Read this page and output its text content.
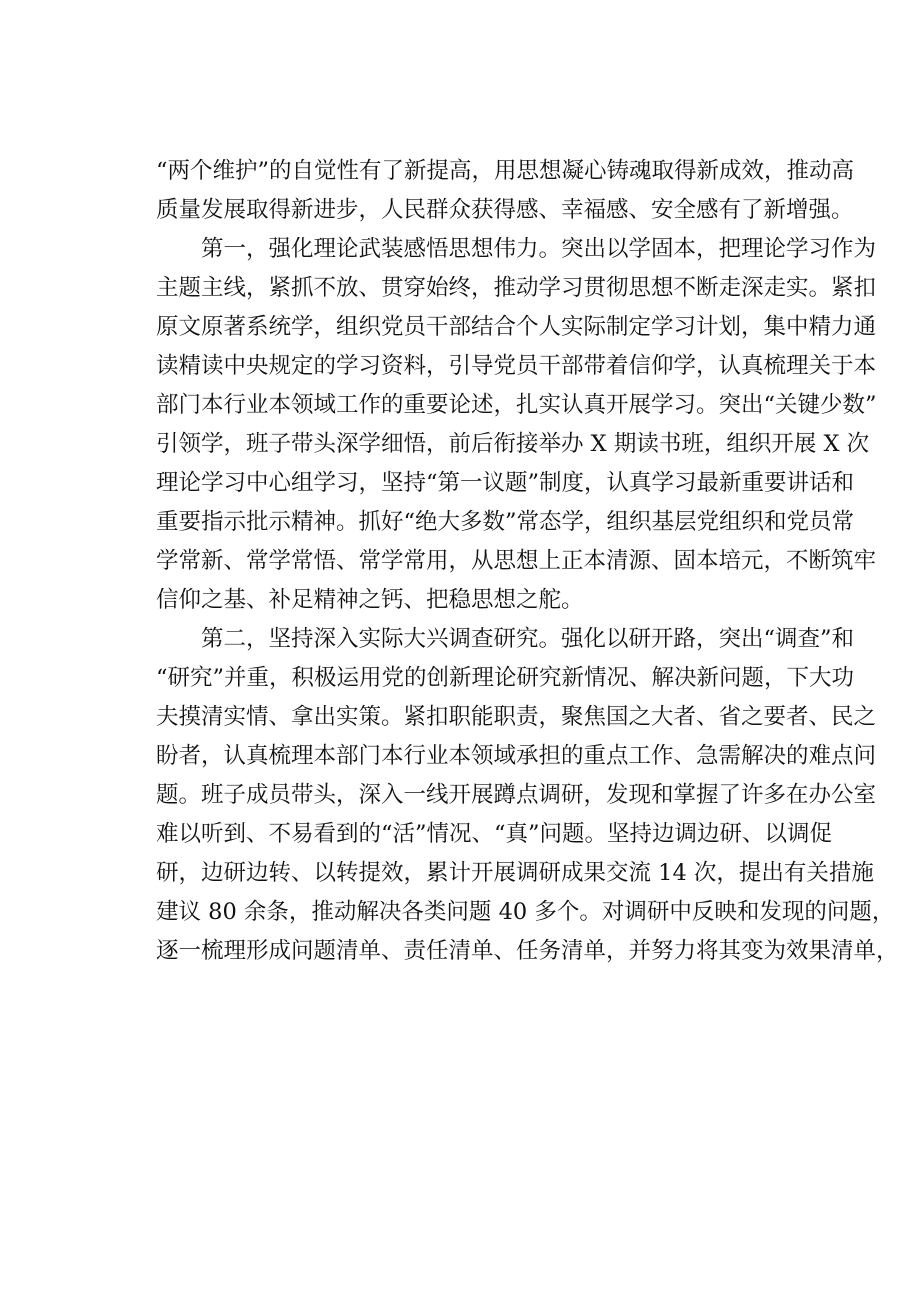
“两个维护”的自觉性有了新提高，用思想凝心铸魂取得新成效，推动高
质量发展取得新进步，人民群众获得感、幸福感、安全感有了新增强。
　　第一，强化理论武装感悟思想伟力。突出以学固本，把理论学习作为
主题主线，紧抓不放、贯穿始终，推动学习贯彻思想不断走深走实。紧扣
原文原著系统学，组织党员干部结合个人实际制定学习计划，集中精力通
读精读中央规定的学习资料，引导党员干部带着信仰学，认真梳理关于本
部门本行业本领域工作的重要论述，扎实认真开展学习。突出“关键少数”
引领学，班子带头深学细悟，前后衔接举办 X 期读书班，组织开展 X 次
理论学习中心组学习，坚持“第一议题”制度，认真学习最新重要讲话和
重要指示批示精神。抓好“绝大多数”常态学，组织基层党组织和党员常
学常新、常学常悟、常学常用，从思想上正本清源、固本培元，不断筑牢
信仰之基、补足精神之钙、把稳思想之舵。
　　第二，坚持深入实际大兴调查研究。强化以研开路，突出“调查”和
“研究”并重，积极运用党的创新理论研究新情况、解决新问题，下大功
夫摸清实情、拿出实策。紧扣职能职责，聚焦国之大者、省之要者、民之
盼者，认真梳理本部门本行业本领域承担的重点工作、急需解决的难点问
题。班子成员带头，深入一线开展蹲点调研，发现和掌握了许多在办公室
难以听到、不易看到的“活”情况、“真”问题。坚持边调边研、以调促
研，边研边转、以转提效，累计开展调研成果交流 14 次，提出有关措施
建议 80 余条，推动解决各类问题 40 多个。对调研中反映和发现的问题，
逐一梳理形成问题清单、责任清单、任务清单，并努力将其变为效果清单，
